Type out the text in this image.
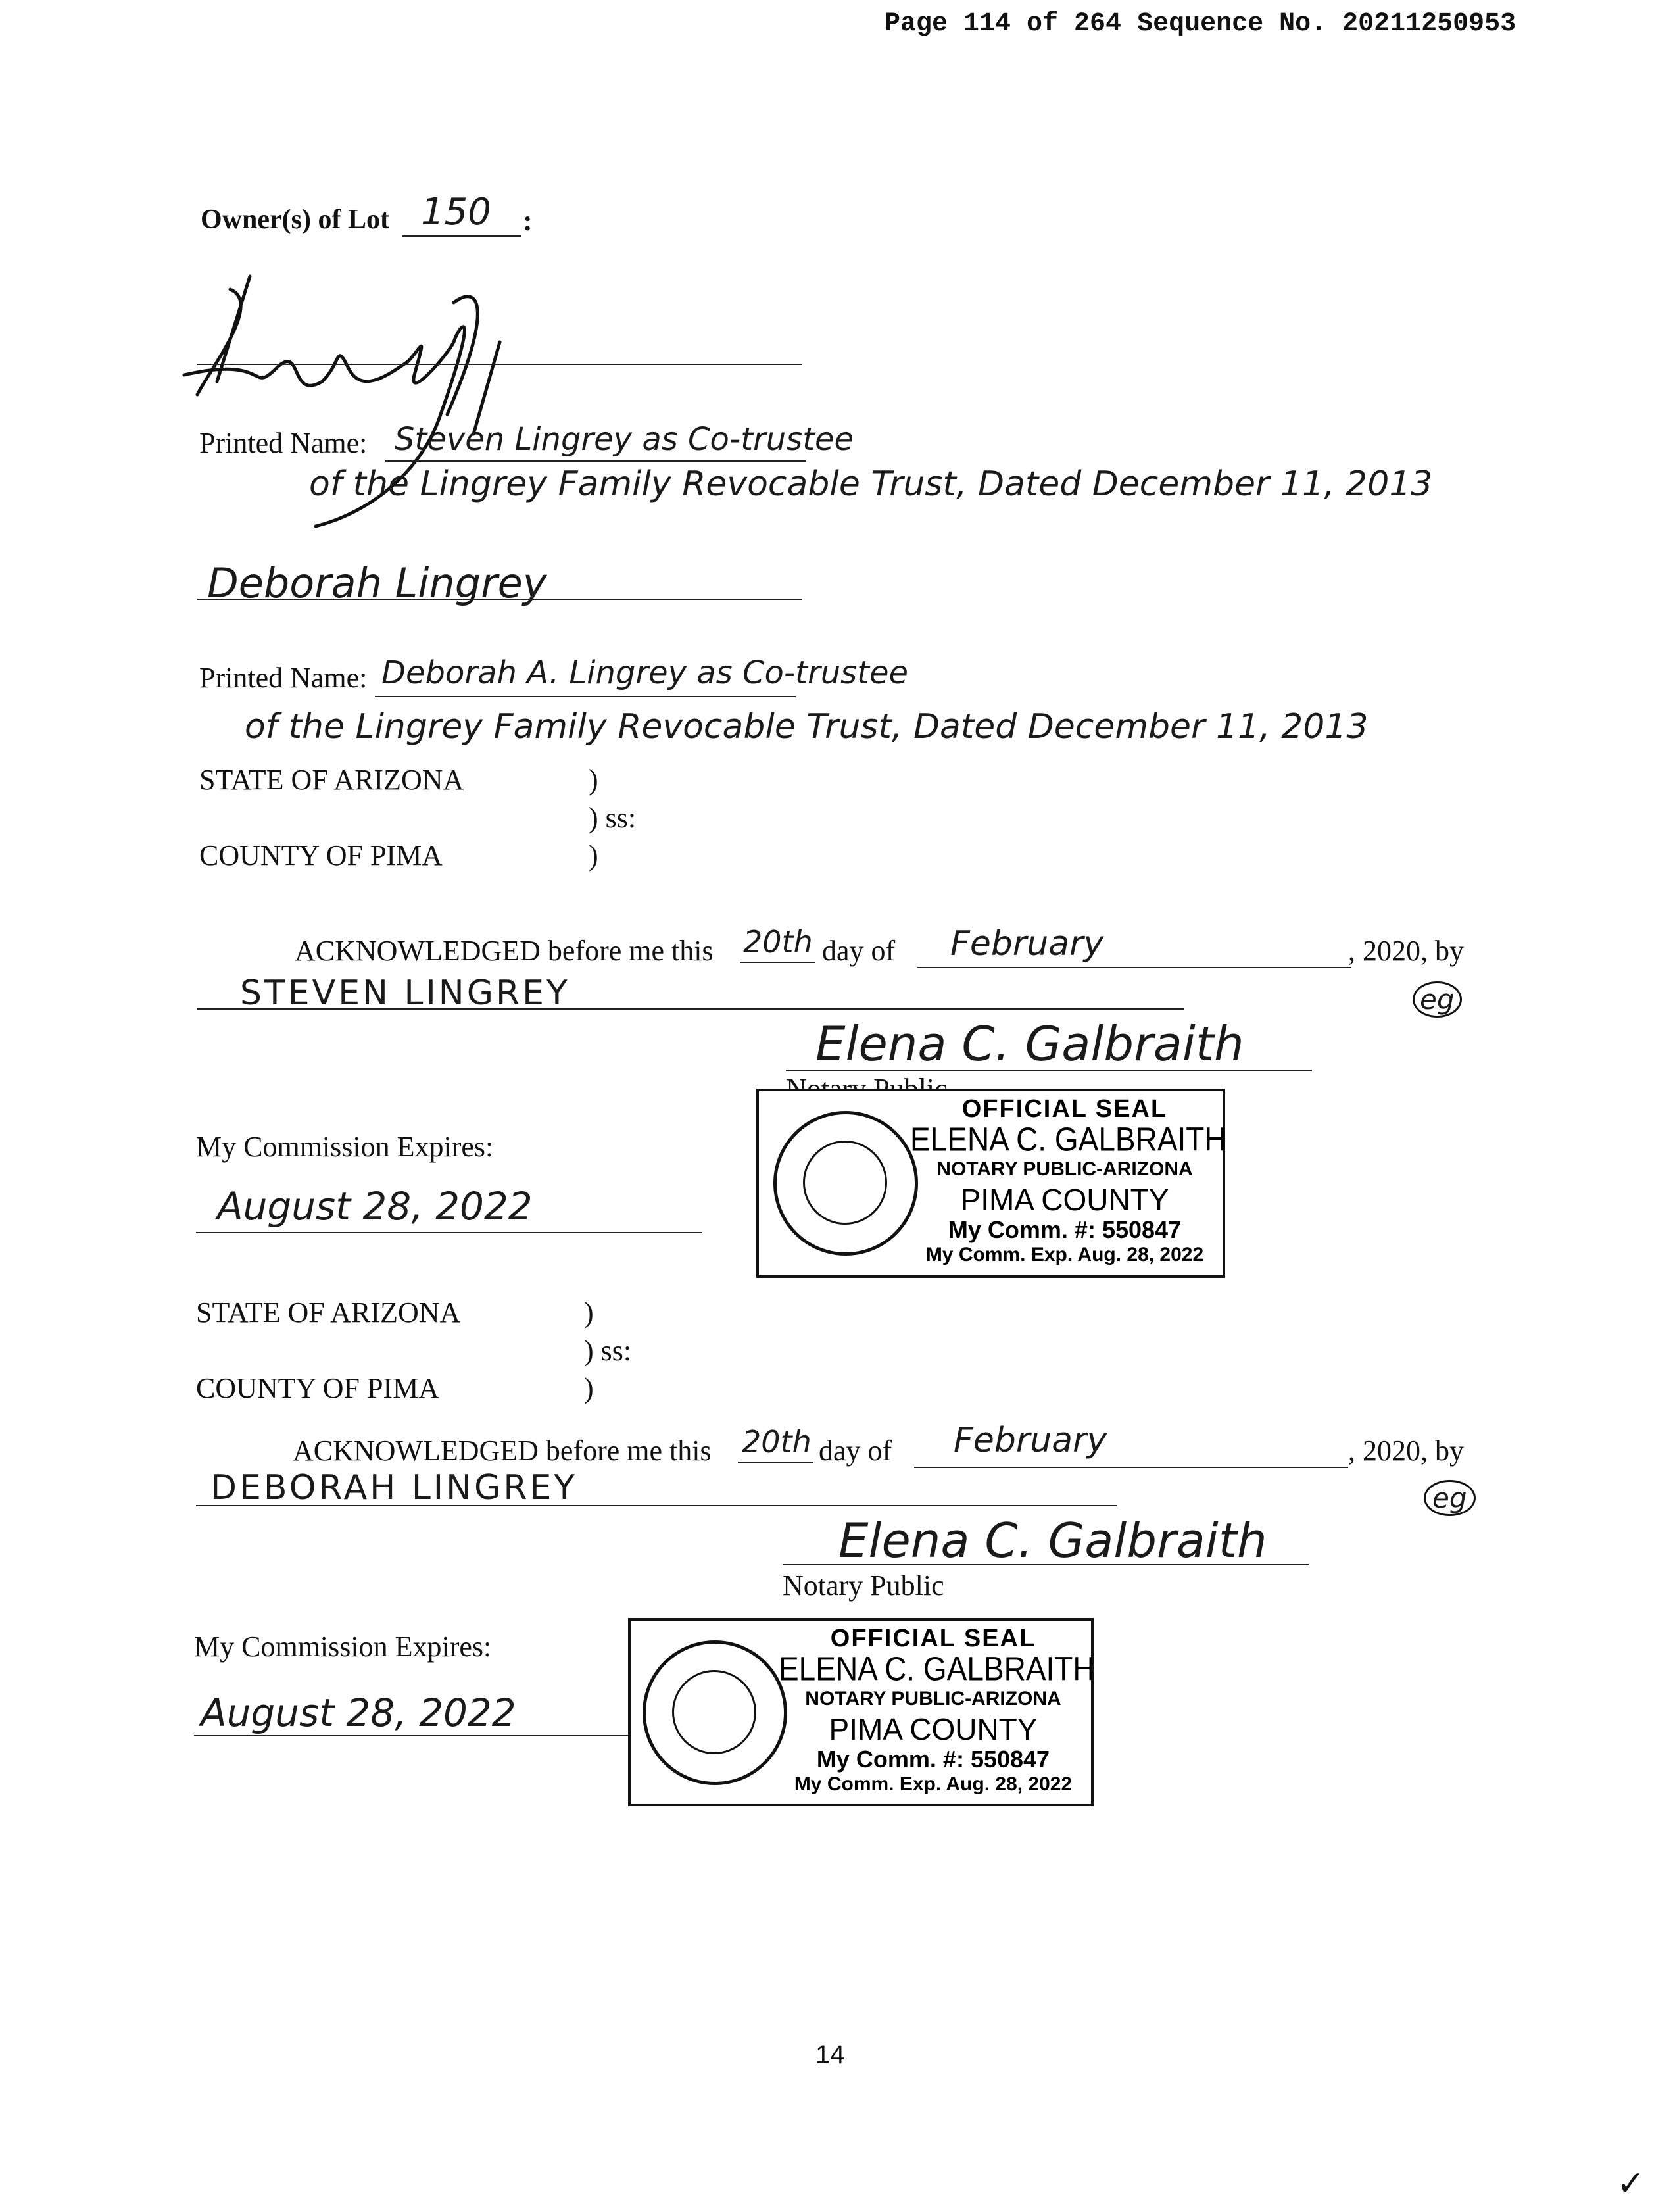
Page 114 of 264 Sequence No. 20211250953
Owner(s) of Lot 150 :
Printed Name: Steven Lingrey as Co-trustee
of the Lingrey Family Revocable Trust, Dated December 11, 2013
Deborah Lingrey
Printed Name: Deborah A. Lingrey as Co-trustee
of the Lingrey Family Revocable Trust, Dated December 11, 2013
STATE OF ARIZONA	)
) ss:
COUNTY OF PIMA	)
ACKNOWLEDGED before me this 20th day of February	, 2020, by
eg
STEVEN LINGREY
Elena C. Galbraith
My Commission Expires:
August 28, 2022
OFFICIAL SEAL
ELENA C. GALBRAITH
NOTARY PUBLIC-ARIZONA
PIMA COUNTY
My Comm. #: 550847
My Comm. Exp. Aug. 28, 2022
STATE OF ARIZONA	)
) ss:
COUNTY OF PIMA	)
ACKNOWLEDGED before me this 20th day of February	, 2020, by
eg
DEBORAH LINGREY
Elena C. Galbraith
Notary Public
My Commission Expires:
August 28, 2022
OFFICIAL SEAL
ELENA C. GALBRAITH
NOTARY PUBLIC-ARIZONA
PIMA COUNTY
My Comm. #: 550847
My Comm. Exp. Aug. 28, 2022
14
✓
